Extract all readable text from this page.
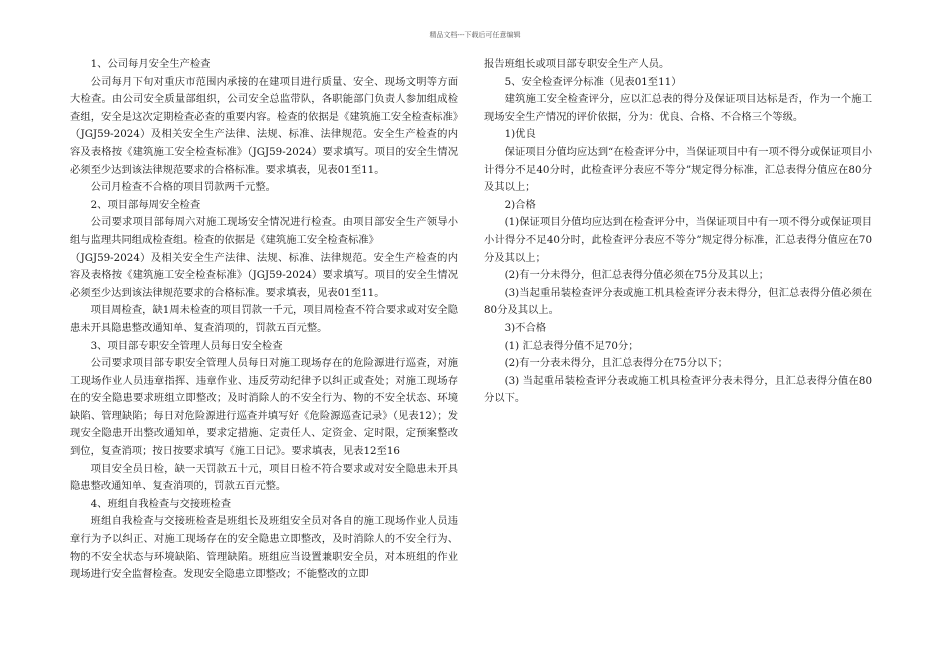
精品文档---下载后可任意编辑

1、公司每月安全生产检查

公司每月下旬对重庆市范围内承接的在建项目进行质量、安全、现场文明等方面大检查。由公司安全质量部组织，公司安全总监带队，各职能部门负责人参加组成检查组，安全是这次定期检查必查的重要内容。检查的依据是《建筑施工安全检查标准》（JGJ59-2024）及相关安全生产法律、法规、标准、法律规范。安全生产检查的内容及表格按《建筑施工安全检查标准》（JGJ59-2024）要求填写。项目的安全生情况必须至少达到该法律规范要求的合格标准。要求填表，见表01至11。

公司月检查不合格的项目罚款两千元整。

2、项目部每周安全检查

公司要求项目部每周六对施工现场安全情况进行检查。由项目部安全生产领导小组与监理共同组成检查组。检查的依据是《建筑施工安全检查标准》

（JGJ59-2024）及相关安全生产法律、法规、标准、法律规范。安全生产检查的内容及表格按《建筑施工安全检查标准》（JGJ59-2024）要求填写。项目的安全生情况必须至少达到该法律规范要求的合格标准。要求填表，见表01至11。

项目周检查，缺1周未检查的项目罚款一千元，项目周检查不符合要求或对安全隐患未开具隐患整改通知单、复查消项的，罚款五百元整。

3、项目部专职安全管理人员每日安全检查

公司要求项目部专职安全管理人员每日对施工现场存在的危险源进行巡查，对施工现场作业人员违章指挥、违章作业、违反劳动纪律予以纠正或查处；对施工现场存在的安全隐患要求班组立即整改；及时消除人的不安全行为、物的不安全状态、环境缺陷、管理缺陷；每日对危险源进行巡查并填写好《危险源巡查记录》（见表12）；发现安全隐患开出整改通知单，要求定措施、定责任人、定资金、定时限，定预案整改到位，复查消项；按日按要求填写《施工日记》。要求填表，见表12至16

项目安全员日检，缺一天罚款五十元，项目日检不符合要求或对安全隐患未开具隐患整改通知单、复查消项的，罚款五百元整。

4、班组自我检查与交接班检查

班组自我检查与交接班检查是班组长及班组安全员对各自的施工现场作业人员违章行为予以纠正、对施工现场存在的安全隐患立即整改，及时消除人的不安全行为、物的不安全状态与环境缺陷、管理缺陷。班组应当设置兼职安全员，对本班组的作业现场进行安全监督检查。发现安全隐患立即整改；不能整改的立即

报告班组长或项目部专职安全生产人员。

5、安全检查评分标准（见表01至11）

建筑施工安全检查评分，应以汇总表的得分及保证项目达标是否，作为一个施工现场安全生产情况的评价依据，分为：优良、合格、不合格三个等级。

1)优良

保证项目分值均应达到“在检查评分中，当保证项目中有一项不得分或保证项目小计得分不足40分时，此检查评分表应不等分”规定得分标准，汇总表得分值应在80分及其以上；

2)合格

(1)保证项目分值均应达到在检查评分中，当保证项目中有一项不得分或保证项目小计得分不足40分时，此检查评分表应不等分”规定得分标准，汇总表得分值应在70分及其以上；

(2)有一分未得分，但汇总表得分值必须在75分及其以上；

(3)当起重吊装检查评分表或施工机具检查评分表未得分，但汇总表得分值必须在80分及其以上。

3)不合格

(1) 汇总表得分值不足70分；

(2)有一分表未得分，且汇总表得分在75分以下；

(3) 当起重吊装检查评分表或施工机具检查评分表未得分，且汇总表得分值在80分以下。
